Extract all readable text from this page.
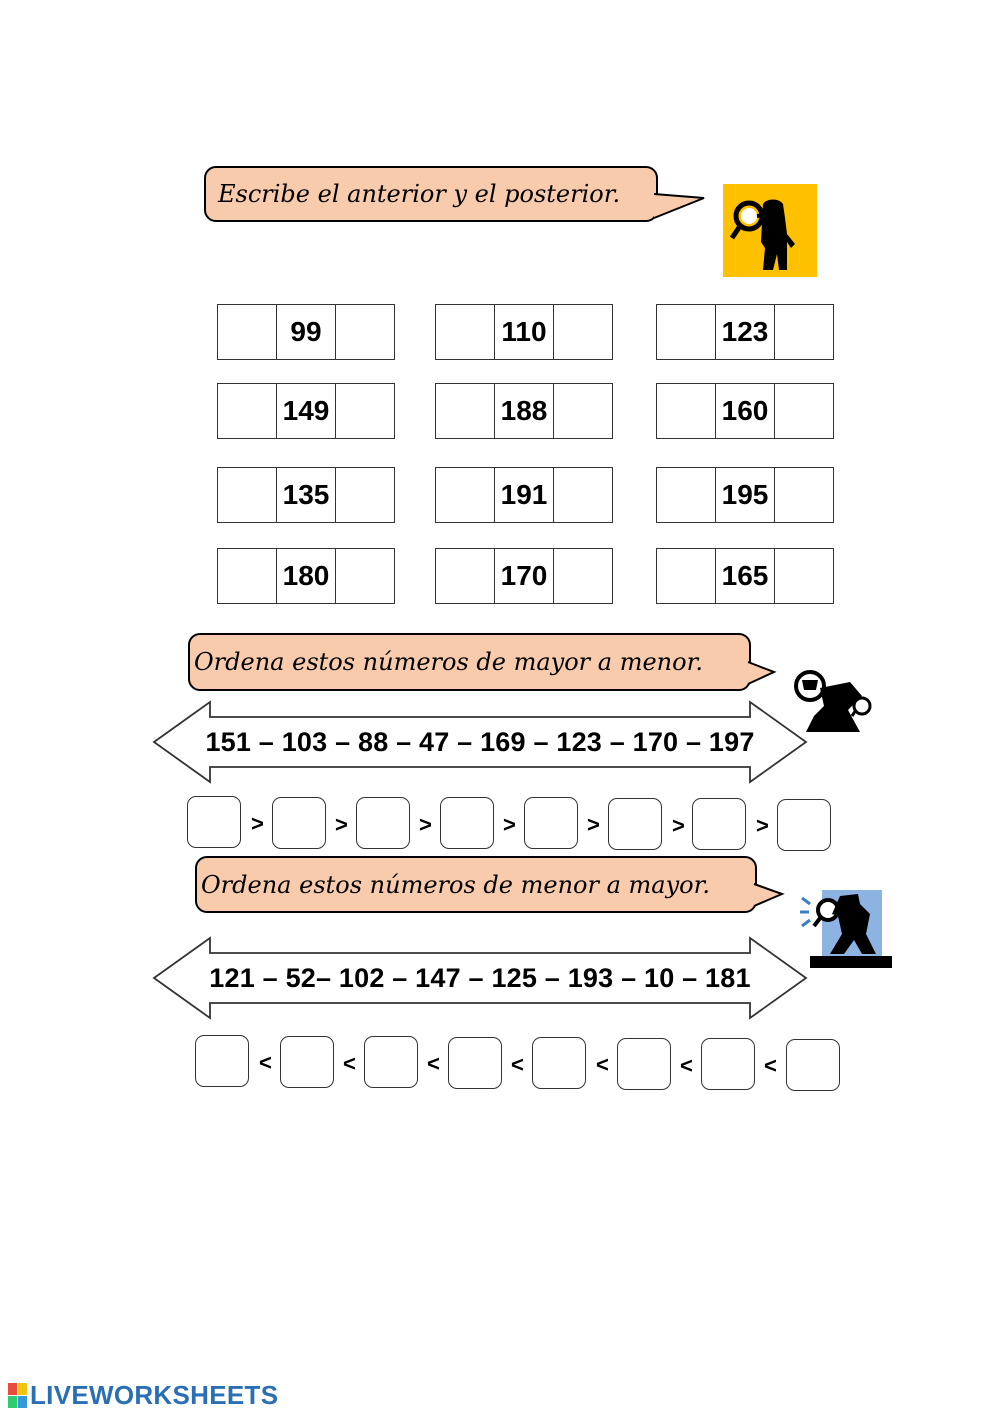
Escribe el anterior y el posterior.
99	110	123
149	188	160
135	191	195
180	170	165
Ordena estos números de mayor a menor.
151 – 103 – 88 – 47 – 169 – 123 – 170 – 197
>	>	>	>	>	>	>
Ordena estos números de menor a mayor.
121 – 52– 102 – 147 – 125 – 193 – 10 – 181
<	<	<	<	<	<	<
LIVEWORKSHEETS
